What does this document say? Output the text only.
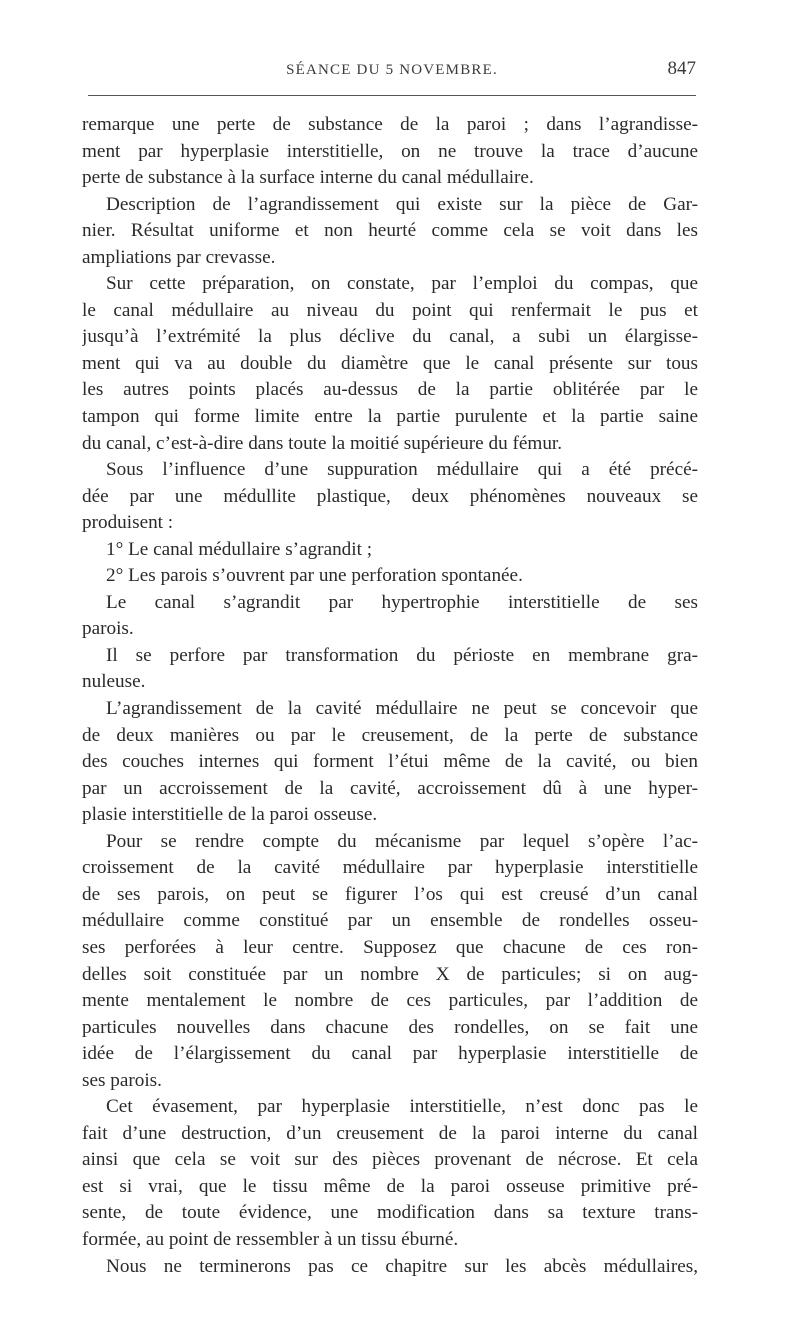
SÉANCE DU 5 NOVEMBRE.	847
remarque une perte de substance de la paroi ; dans l’agrandisse-
ment par hyperplasie interstitielle, on ne trouve la trace d’aucune
perte de substance à la surface interne du canal médullaire.
Description de l’agrandissement qui existe sur la pièce de Gar-
nier. Résultat uniforme et non heurté comme cela se voit dans les
ampliations par crevasse.
Sur cette préparation, on constate, par l’emploi du compas, que
le canal médullaire au niveau du point qui renfermait le pus et
jusqu’à l’extrémité la plus déclive du canal, a subi un élargisse-
ment qui va au double du diamètre que le canal présente sur tous
les autres points placés au-dessus de la partie oblitérée par le
tampon qui forme limite entre la partie purulente et la partie saine
du canal, c’est-à-dire dans toute la moitié supérieure du fémur.
Sous l’influence d’une suppuration médullaire qui a été précé-
dée par une médullite plastique, deux phénomènes nouveaux se
produisent :
1° Le canal médullaire s’agrandit ;
2° Les parois s’ouvrent par une perforation spontanée.
Le canal s’agrandit par hypertrophie interstitielle de ses
parois.
Il se perfore par transformation du périoste en membrane gra-
nuleuse.
L’agrandissement de la cavité médullaire ne peut se concevoir que
de deux manières ou par le creusement, de la perte de substance
des couches internes qui forment l’étui même de la cavité, ou bien
par un accroissement de la cavité, accroissement dû à une hyper-
plasie interstitielle de la paroi osseuse.
Pour se rendre compte du mécanisme par lequel s’opère l’ac-
croissement de la cavité médullaire par hyperplasie interstitielle
de ses parois, on peut se figurer l’os qui est creusé d’un canal
médullaire comme constitué par un ensemble de rondelles osseu-
ses perforées à leur centre. Supposez que chacune de ces ron-
delles soit constituée par un nombre X de particules; si on aug-
mente mentalement le nombre de ces particules, par l’addition de
particules nouvelles dans chacune des rondelles, on se fait une
idée de l’élargissement du canal par hyperplasie interstitielle de
ses parois.
Cet évasement, par hyperplasie interstitielle, n’est donc pas le
fait d’une destruction, d’un creusement de la paroi interne du canal
ainsi que cela se voit sur des pièces provenant de nécrose. Et cela
est si vrai, que le tissu même de la paroi osseuse primitive pré-
sente, de toute évidence, une modification dans sa texture trans-
formée, au point de ressembler à un tissu éburné.
Nous ne terminerons pas ce chapitre sur les abcès médullaires,
